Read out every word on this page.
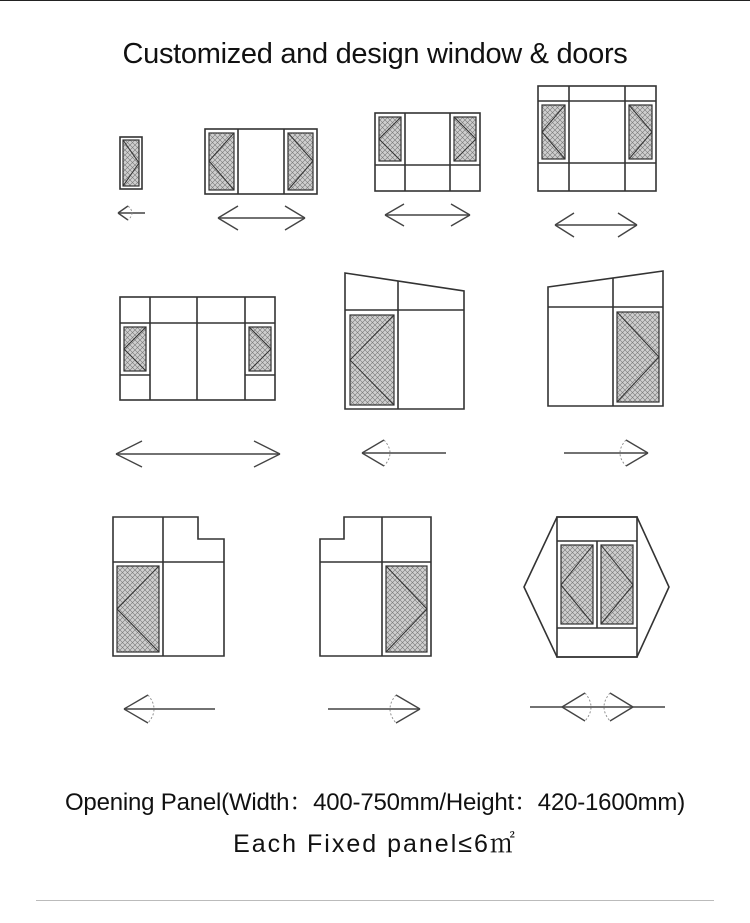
Customized and design window & doors
Opening Panel(Width：400-750mm/Height：420-1600mm)
Each Fixed panel≤6㎡
